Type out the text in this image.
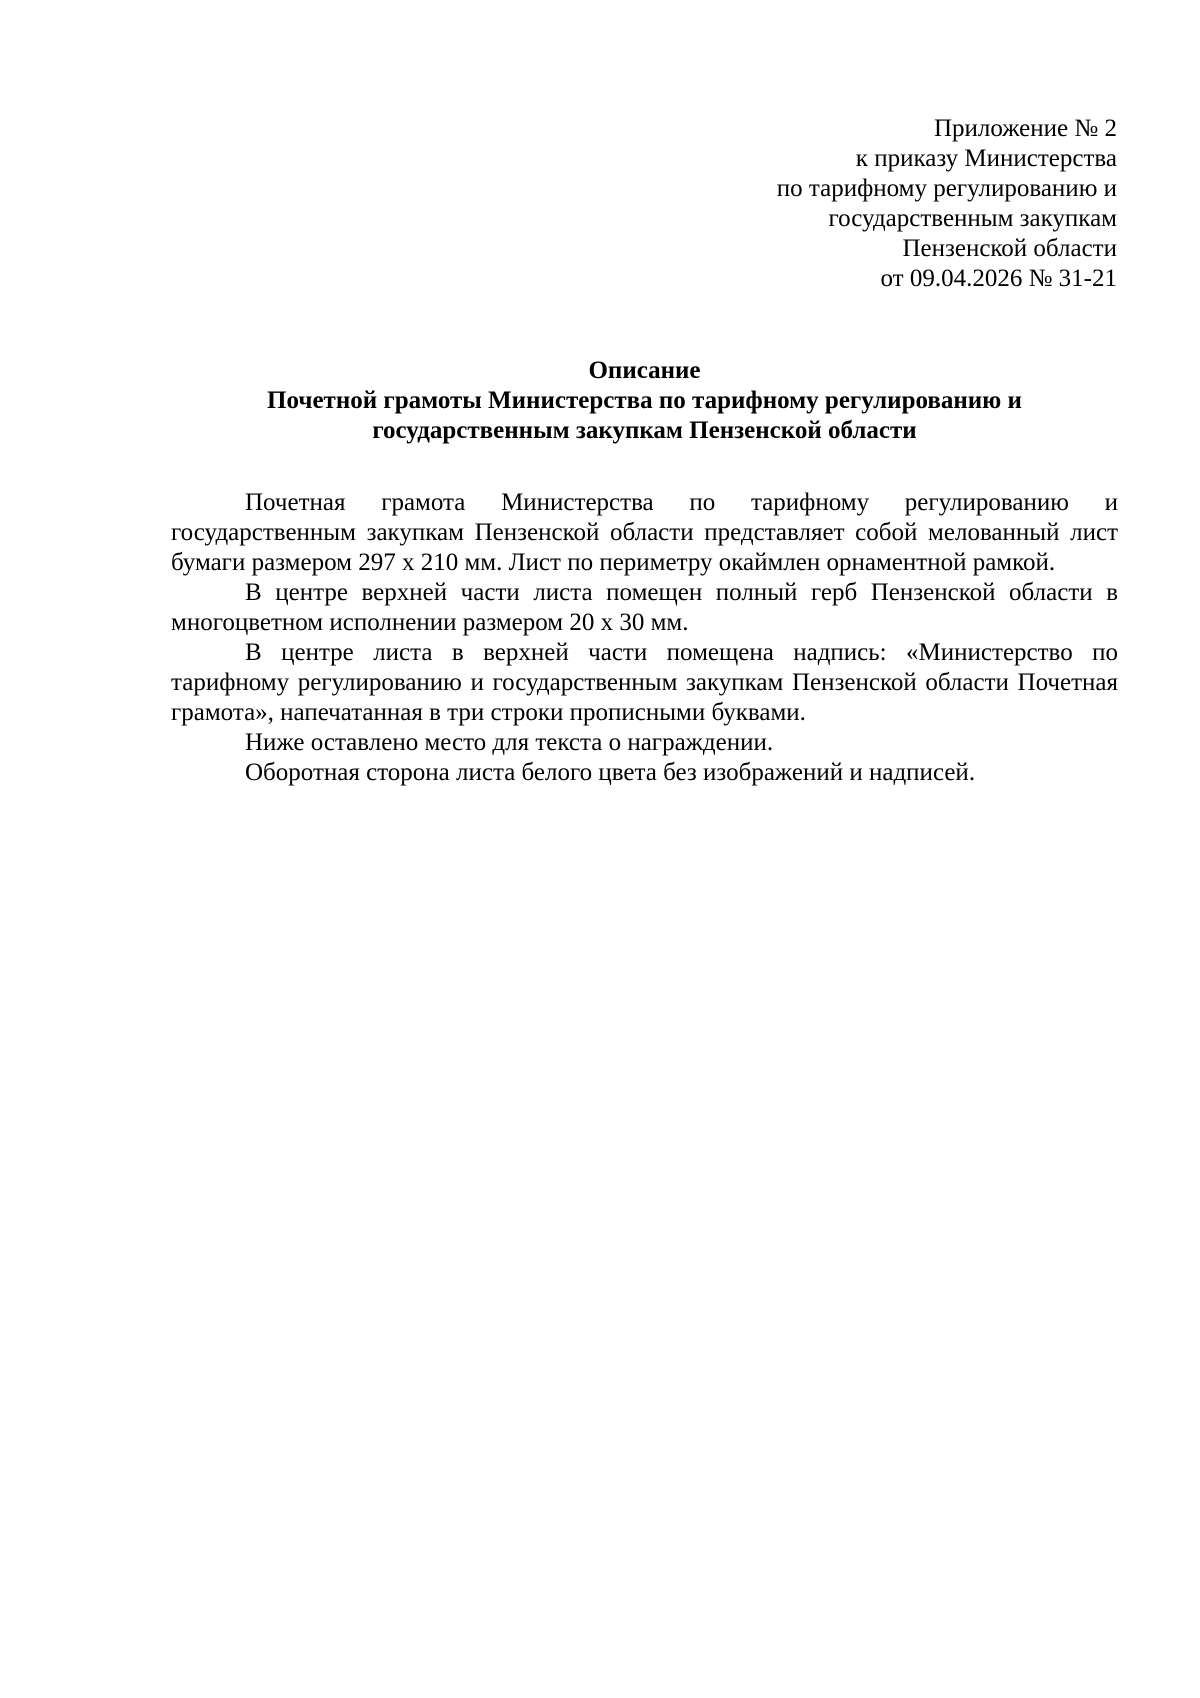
Приложение № 2
к приказу Министерства
по тарифному регулированию и
государственным закупкам
Пензенской области
от 09.04.2026 № 31-21
Описание
Почетной грамоты Министерства по тарифному регулированию и
государственным закупкам Пензенской области

Почетная грамота Министерства по тарифному регулированию и государственным закупкам Пензенской области представляет собой мелованный лист бумаги размером 297 х 210 мм. Лист по периметру окаймлен орнаментной рамкой.

В центре верхней части листа помещен полный герб Пензенской области в многоцветном исполнении размером 20 х 30 мм.

В центре листа в верхней части помещена надпись: «Министерство по тарифному регулированию и государственным закупкам Пензенской области Почетная грамота», напечатанная в три строки прописными буквами.

Ниже оставлено место для текста о награждении.

Оборотная сторона листа белого цвета без изображений и надписей.
